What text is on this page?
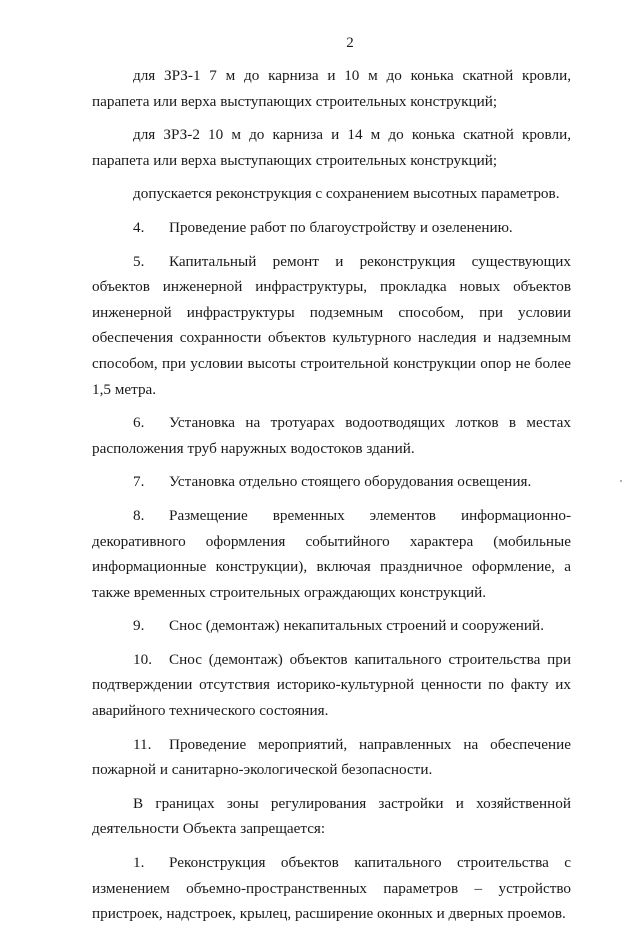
2

для ЗРЗ-1 7 м до карниза и 10 м до конька скатной кровли, парапета или верха выступающих строительных конструкций;

для ЗРЗ-2 10 м до карниза и 14 м до конька скатной кровли, парапета или верха выступающих строительных конструкций;

допускается реконструкция с сохранением высотных параметров.

4. Проведение работ по благоустройству и озеленению.

5. Капитальный ремонт и реконструкция существующих объектов инженерной инфраструктуры, прокладка новых объектов инженерной инфраструктуры подземным способом, при условии обеспечения сохранности объектов культурного наследия и надземным способом, при условии высоты строительной конструкции опор не более 1,5 метра.

6. Установка на тротуарах водоотводящих лотков в местах расположения труб наружных водостоков зданий.

7. Установка отдельно стоящего оборудования освещения.

8. Размещение временных элементов информационно-декоративного оформления событийного характера (мобильные информационные конструкции), включая праздничное оформление, а также временных строительных ограждающих конструкций.

9. Снос (демонтаж) некапитальных строений и сооружений.

10. Снос (демонтаж) объектов капитального строительства при подтверждении отсутствия историко-культурной ценности по факту их аварийного технического состояния.

11. Проведение мероприятий, направленных на обеспечение пожарной и санитарно-экологической безопасности.

В границах зоны регулирования застройки и хозяйственной деятельности Объекта запрещается:

1. Реконструкция объектов капитального строительства с изменением объемно-пространственных параметров – устройство пристроек, надстроек, крылец, расширение оконных и дверных проемов.
